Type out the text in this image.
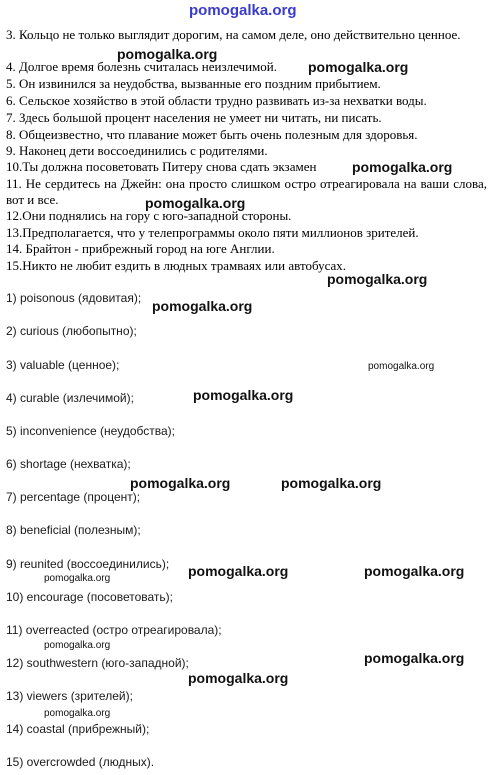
pomogalka.org
3. Кольцо не только выглядит дорогим, на самом деле, оно действительно ценное.
4. Долгое время болезнь считалась неизлечимой.
5. Он извинился за неудобства, вызванные его поздним прибытием.
6. Сельское хозяйство в этой области трудно развивать из-за нехватки воды.
7. Здесь большой процент населения не умеет ни читать, ни писать.
8. Общеизвестно, что плавание может быть очень полезным для здоровья.
9. Наконец дети воссоединились с родителями.
10.Ты должна посоветовать Питеру снова сдать экзамен
11. Не сердитесь на Джейн: она просто слишком остро отреагировала на ваши слова, вот и все.
12.Они поднялись на гору с юго-западной стороны.
13.Предполагается, что у телепрограммы около пяти миллионов зрителей.
14. Брайтон - прибрежный город на юге Англии.
15.Никто не любит ездить в людных трамваях или автобусах.
1) poisonous (ядовитая);
2) curious (любопытно);
3) valuable (ценное);
4) curable (излечимой);
5) inconvenience (неудобства);
6) shortage (нехватка);
7) percentage (процент);
8) beneficial (полезным);
9) reunited (воссоединились);
10) encourage (посоветовать);
11) overreacted (остро отреагировала);
12) southwestern (юго-западной);
13) viewers (зрителей);
14) coastal (прибрежный);
15) overcrowded (людных).
pomogalka.org
pomogalka.org
pomogalka.org
pomogalka.org
pomogalka.org
pomogalka.org
pomogalka.org
pomogalka.org
pomogalka.org	pomogalka.org
pomogalka.org	pomogalka.org
pomogalka.org
pomogalka.org
pomogalka.org
pomogalka.org
pomogalka.org
